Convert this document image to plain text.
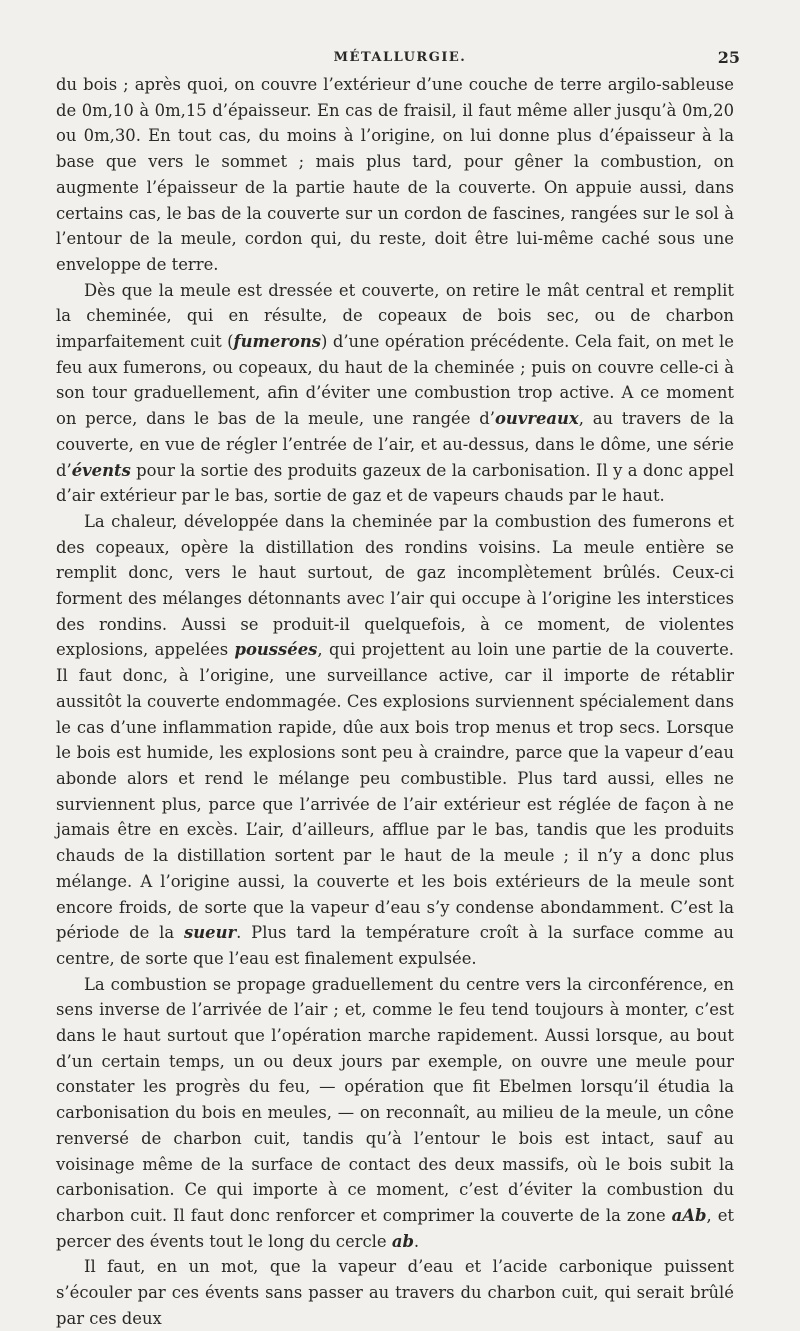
MÉTALLURGIE.	25

du bois ; après quoi, on couvre l’extérieur d’une couche de terre argilo-sableuse de 0m,10 à 0m,15 d’épaisseur. En cas de fraisil, il faut même aller jusqu’à 0m,20 ou 0m,30. En tout cas, du moins à l’origine, on lui donne plus d’épaisseur à la base que vers le sommet ; mais plus tard, pour gêner la combustion, on augmente l’épaisseur de la partie haute de la couverte. On appuie aussi, dans certains cas, le bas de la couverte sur un cordon de fascines, rangées sur le sol à l’entour de la meule, cordon qui, du reste, doit être lui-même caché sous une enveloppe de terre.

Dès que la meule est dressée et couverte, on retire le mât central et remplit la cheminée, qui en résulte, de copeaux de bois sec, ou de charbon imparfaitement cuit (fumerons) d’une opération précédente. Cela fait, on met le feu aux fumerons, ou copeaux, du haut de la cheminée ; puis on couvre celle-ci à son tour graduellement, afin d’éviter une combustion trop active. A ce moment on perce, dans le bas de la meule, une rangée d’ouvreaux, au travers de la couverte, en vue de régler l’entrée de l’air, et au-dessus, dans le dôme, une série d’évents pour la sortie des produits gazeux de la carbonisation. Il y a donc appel d’air extérieur par le bas, sortie de gaz et de vapeurs chauds par le haut.

La chaleur, développée dans la cheminée par la combustion des fumerons et des copeaux, opère la distillation des rondins voisins. La meule entière se remplit donc, vers le haut surtout, de gaz incomplètement brûlés. Ceux-ci forment des mélanges détonnants avec l’air qui occupe à l’origine les interstices des rondins. Aussi se produit-il quelquefois, à ce moment, de violentes explosions, appelées poussées, qui projettent au loin une partie de la couverte. Il faut donc, à l’origine, une surveillance active, car il importe de rétablir aussitôt la couverte endommagée. Ces explosions surviennent spécialement dans le cas d’une inflammation rapide, dûe aux bois trop menus et trop secs. Lorsque le bois est humide, les explosions sont peu à craindre, parce que la vapeur d’eau abonde alors et rend le mélange peu combustible. Plus tard aussi, elles ne surviennent plus, parce que l’arrivée de l’air extérieur est réglée de façon à ne jamais être en excès. L’air, d’ailleurs, afflue par le bas, tandis que les produits chauds de la distillation sortent par le haut de la meule ; il n’y a donc plus mélange. A l’origine aussi, la couverte et les bois extérieurs de la meule sont encore froids, de sorte que la vapeur d’eau s’y condense abondamment. C’est la période de la sueur. Plus tard la température croît à la surface comme au centre, de sorte que l’eau est finalement expulsée.

La combustion se propage graduellement du centre vers la circonférence, en sens inverse de l’arrivée de l’air ; et, comme le feu tend toujours à monter, c’est dans le haut surtout que l’opération marche rapidement. Aussi lorsque, au bout d’un certain temps, un ou deux jours par exemple, on ouvre une meule pour constater les progrès du feu, — opération que fit Ebelmen lorsqu’il étudia la carbonisation du bois en meules, — on reconnaît, au milieu de la meule, un cône renversé de charbon cuit, tandis qu’à l’entour le bois est intact, sauf au voisinage même de la surface de contact des deux massifs, où le bois subit la carbonisation. Ce qui importe à ce moment, c’est d’éviter la combustion du charbon cuit. Il faut donc renforcer et comprimer la couverte de la zone aAb, et percer des évents tout le long du cercle ab.

Il faut, en un mot, que la vapeur d’eau et l’acide carbonique puissent s’écouler par ces évents sans passer au travers du charbon cuit, qui serait brûlé par ces deux
